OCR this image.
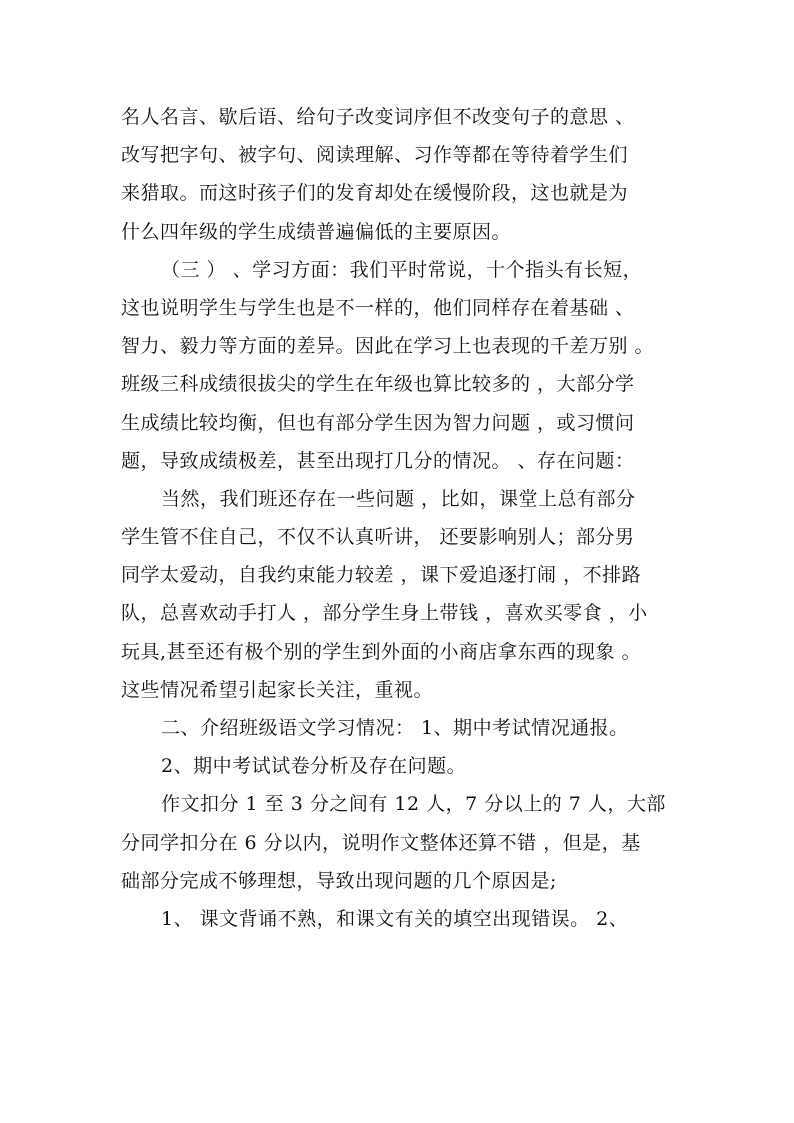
名人名言、歇后语、给句子改变词序但不改变句子的意思 、
改写把字句、被字句、阅读理解、习作等都在等待着学生们
来猎取。而这时孩子们的发育却处在缓慢阶段，这也就是为
什么四年级的学生成绩普遍偏低的主要原因。
（三 ） 、学习方面：我们平时常说，十个指头有长短，
这也说明学生与学生也是不一样的，他们同样存在着基础 、
智力、毅力等方面的差异。因此在学习上也表现的千差万别 。
班级三科成绩很拔尖的学生在年级也算比较多的 ，大部分学
生成绩比较均衡，但也有部分学生因为智力问题 ，或习惯问
题，导致成绩极差，甚至出现打几分的情况。 、存在问题：
当然，我们班还存在一些问题 ，比如，课堂上总有部分
学生管不住自己，不仅不认真听讲， 还要影响别人；部分男
同学太爱动，自我约束能力较差 ，课下爱追逐打闹 ，不排路
队，总喜欢动手打人 ，部分学生身上带钱 ，喜欢买零食 ，小
玩具,甚至还有极个别的学生到外面的小商店拿东西的现象 。
这些情况希望引起家长关注，重视。
二、介绍班级语文学习情况： 1、期中考试情况通报。
2、期中考试试卷分析及存在问题。
作文扣分 1 至 3 分之间有 12 人，7 分以上的 7 人，大部
分同学扣分在 6 分以内，说明作文整体还算不错 ，但是，基
础部分完成不够理想，导致出现问题的几个原因是;
1、 课文背诵不熟，和课文有关的填空出现错误。 2、
